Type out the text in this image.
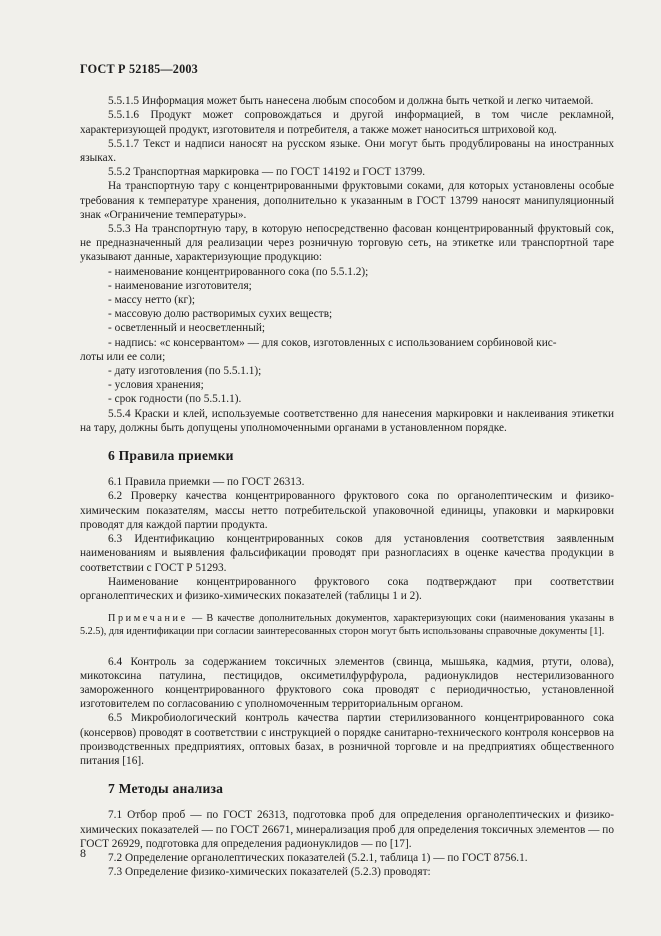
ГОСТ Р 52185—2003

5.5.1.5 Информация может быть нанесена любым способом и должна быть четкой и легко читаемой.

5.5.1.6 Продукт может сопровождаться и другой информацией, в том числе рекламной, характеризующей продукт, изготовителя и потребителя, а также может наноситься штриховой код.

5.5.1.7 Текст и надписи наносят на русском языке. Они могут быть продублированы на иностранных языках.

5.5.2 Транспортная маркировка — по ГОСТ 14192 и ГОСТ 13799.

На транспортную тару с концентрированными фруктовыми соками, для которых установлены особые требования к температуре хранения, дополнительно к указанным в ГОСТ 13799 наносят манипуляционный знак «Ограничение температуры».

5.5.3 На транспортную тару, в которую непосредственно фасован концентрированный фруктовый сок, не предназначенный для реализации через розничную торговую сеть, на этикетке или транспортной таре указывают данные, характеризующие продукцию:

- наименование концентрированного сока (по 5.5.1.2);

- наименование изготовителя;

- массу нетто (кг);

- массовую долю растворимых сухих веществ;

- осветленный и неосветленный;

- надпись: «с консервантом» — для соков, изготовленных с использованием сорбиновой кис-

лоты или ее соли;

- дату изготовления (по 5.5.1.1);

- условия хранения;

- срок годности (по 5.5.1.1).

5.5.4 Краски и клей, используемые соответственно для нанесения маркировки и наклеивания этикетки на тару, должны быть допущены уполномоченными органами в установленном порядке.

6 Правила приемки

6.1 Правила приемки — по ГОСТ 26313.

6.2 Проверку качества концентрированного фруктового сока по органолептическим и физико-химическим показателям, массы нетто потребительской упаковочной единицы, упаковки и маркировки проводят для каждой партии продукта.

6.3 Идентификацию концентрированных соков для установления соответствия заявленным наименованиям и выявления фальсификации проводят при разногласиях в оценке качества продукции в соответствии с ГОСТ Р 51293.

Наименование концентрированного фруктового сока подтверждают при соответствии органолептических и физико-химических показателей (таблицы 1 и 2).

Примечание — В качестве дополнительных документов, характеризующих соки (наименования указаны в 5.2.5), для идентификации при согласии заинтересованных сторон могут быть использованы справочные документы [1].

6.4 Контроль за содержанием токсичных элементов (свинца, мышьяка, кадмия, ртути, олова), микотоксина патулина, пестицидов, оксиметилфурфурола, радионуклидов нестерилизованного замороженного концентрированного фруктового сока проводят с периодичностью, установленной изготовителем по согласованию с уполномоченным территориальным органом.

6.5 Микробиологический контроль качества партии стерилизованного концентрированного сока (консервов) проводят в соответствии с инструкцией о порядке санитарно-технического контроля консервов на производственных предприятиях, оптовых базах, в розничной торговле и на предприятиях общественного питания [16].

7 Методы анализа

7.1 Отбор проб — по ГОСТ 26313, подготовка проб для определения органолептических и физико-химических показателей — по ГОСТ 26671, минерализация проб для определения токсичных элементов — по ГОСТ 26929, подготовка для определения радионуклидов — по [17].

7.2 Определение органолептических показателей (5.2.1, таблица 1) — по ГОСТ 8756.1.

7.3 Определение физико-химических показателей (5.2.3) проводят:

8
